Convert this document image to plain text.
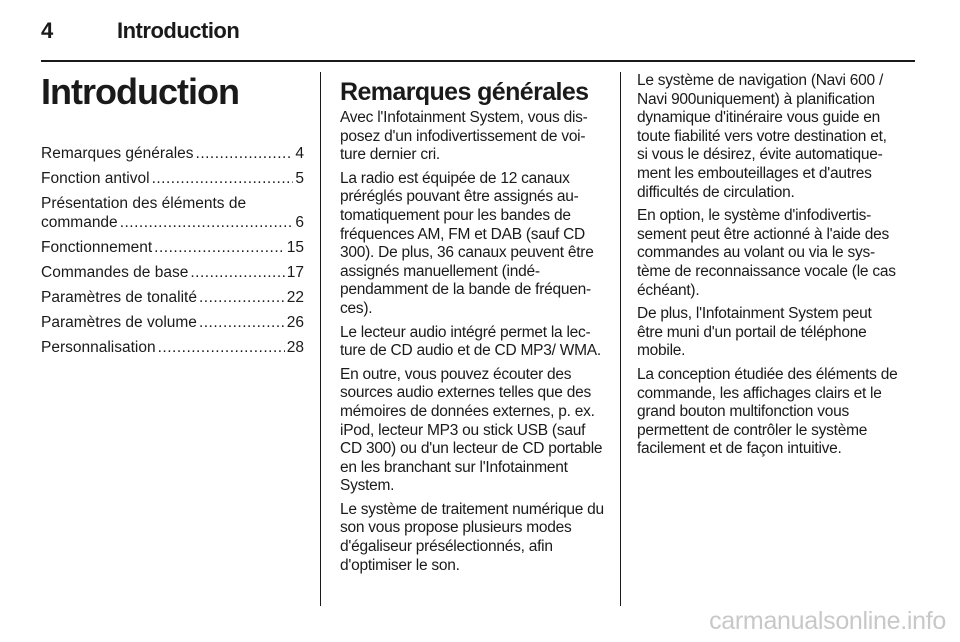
4	Introduction
Introduction
Remarques générales .....	4
Fonction antivol .....	5
Présentation des éléments de
commande .....	6
Fonctionnement .....	15
Commandes de base .....	17
Paramètres de tonalité .....	22
Paramètres de volume .....	26
Personnalisation .....	28
Remarques générales

Avec l'Infotainment System, vous disposez d'un infodivertissement de voiture dernier cri.

La radio est équipée de 12 canaux préréglés pouvant être assignés automatiquement pour les bandes de fréquences AM, FM et DAB (sauf CD 300). De plus, 36 canaux peuvent être assignés manuellement (indépendamment de la bande de fréquences).

Le lecteur audio intégré permet la lecture de CD audio et de CD MP3/ WMA.

En outre, vous pouvez écouter des sources audio externes telles que des mémoires de données externes, p. ex. iPod, lecteur MP3 ou stick USB (sauf CD 300) ou d'un lecteur de CD portable en les branchant sur l'Infotainment System.

Le système de traitement numérique du son vous propose plusieurs modes d'égaliseur présélectionnés, afin d'optimiser le son.

Le système de navigation (Navi 600 / Navi 900uniquement) à planification dynamique d'itinéraire vous guide en toute fiabilité vers votre destination et, si vous le désirez, évite automatiquement les embouteillages et d'autres difficultés de circulation.

En option, le système d'infodivertissement peut être actionné à l'aide des commandes au volant ou via le système de reconnaissance vocale (le cas échéant).

De plus, l'Infotainment System peut être muni d'un portail de téléphone mobile.

La conception étudiée des éléments de commande, les affichages clairs et le grand bouton multifonction vous permettent de contrôler le système facilement et de façon intuitive.

carmanualsonline.info
